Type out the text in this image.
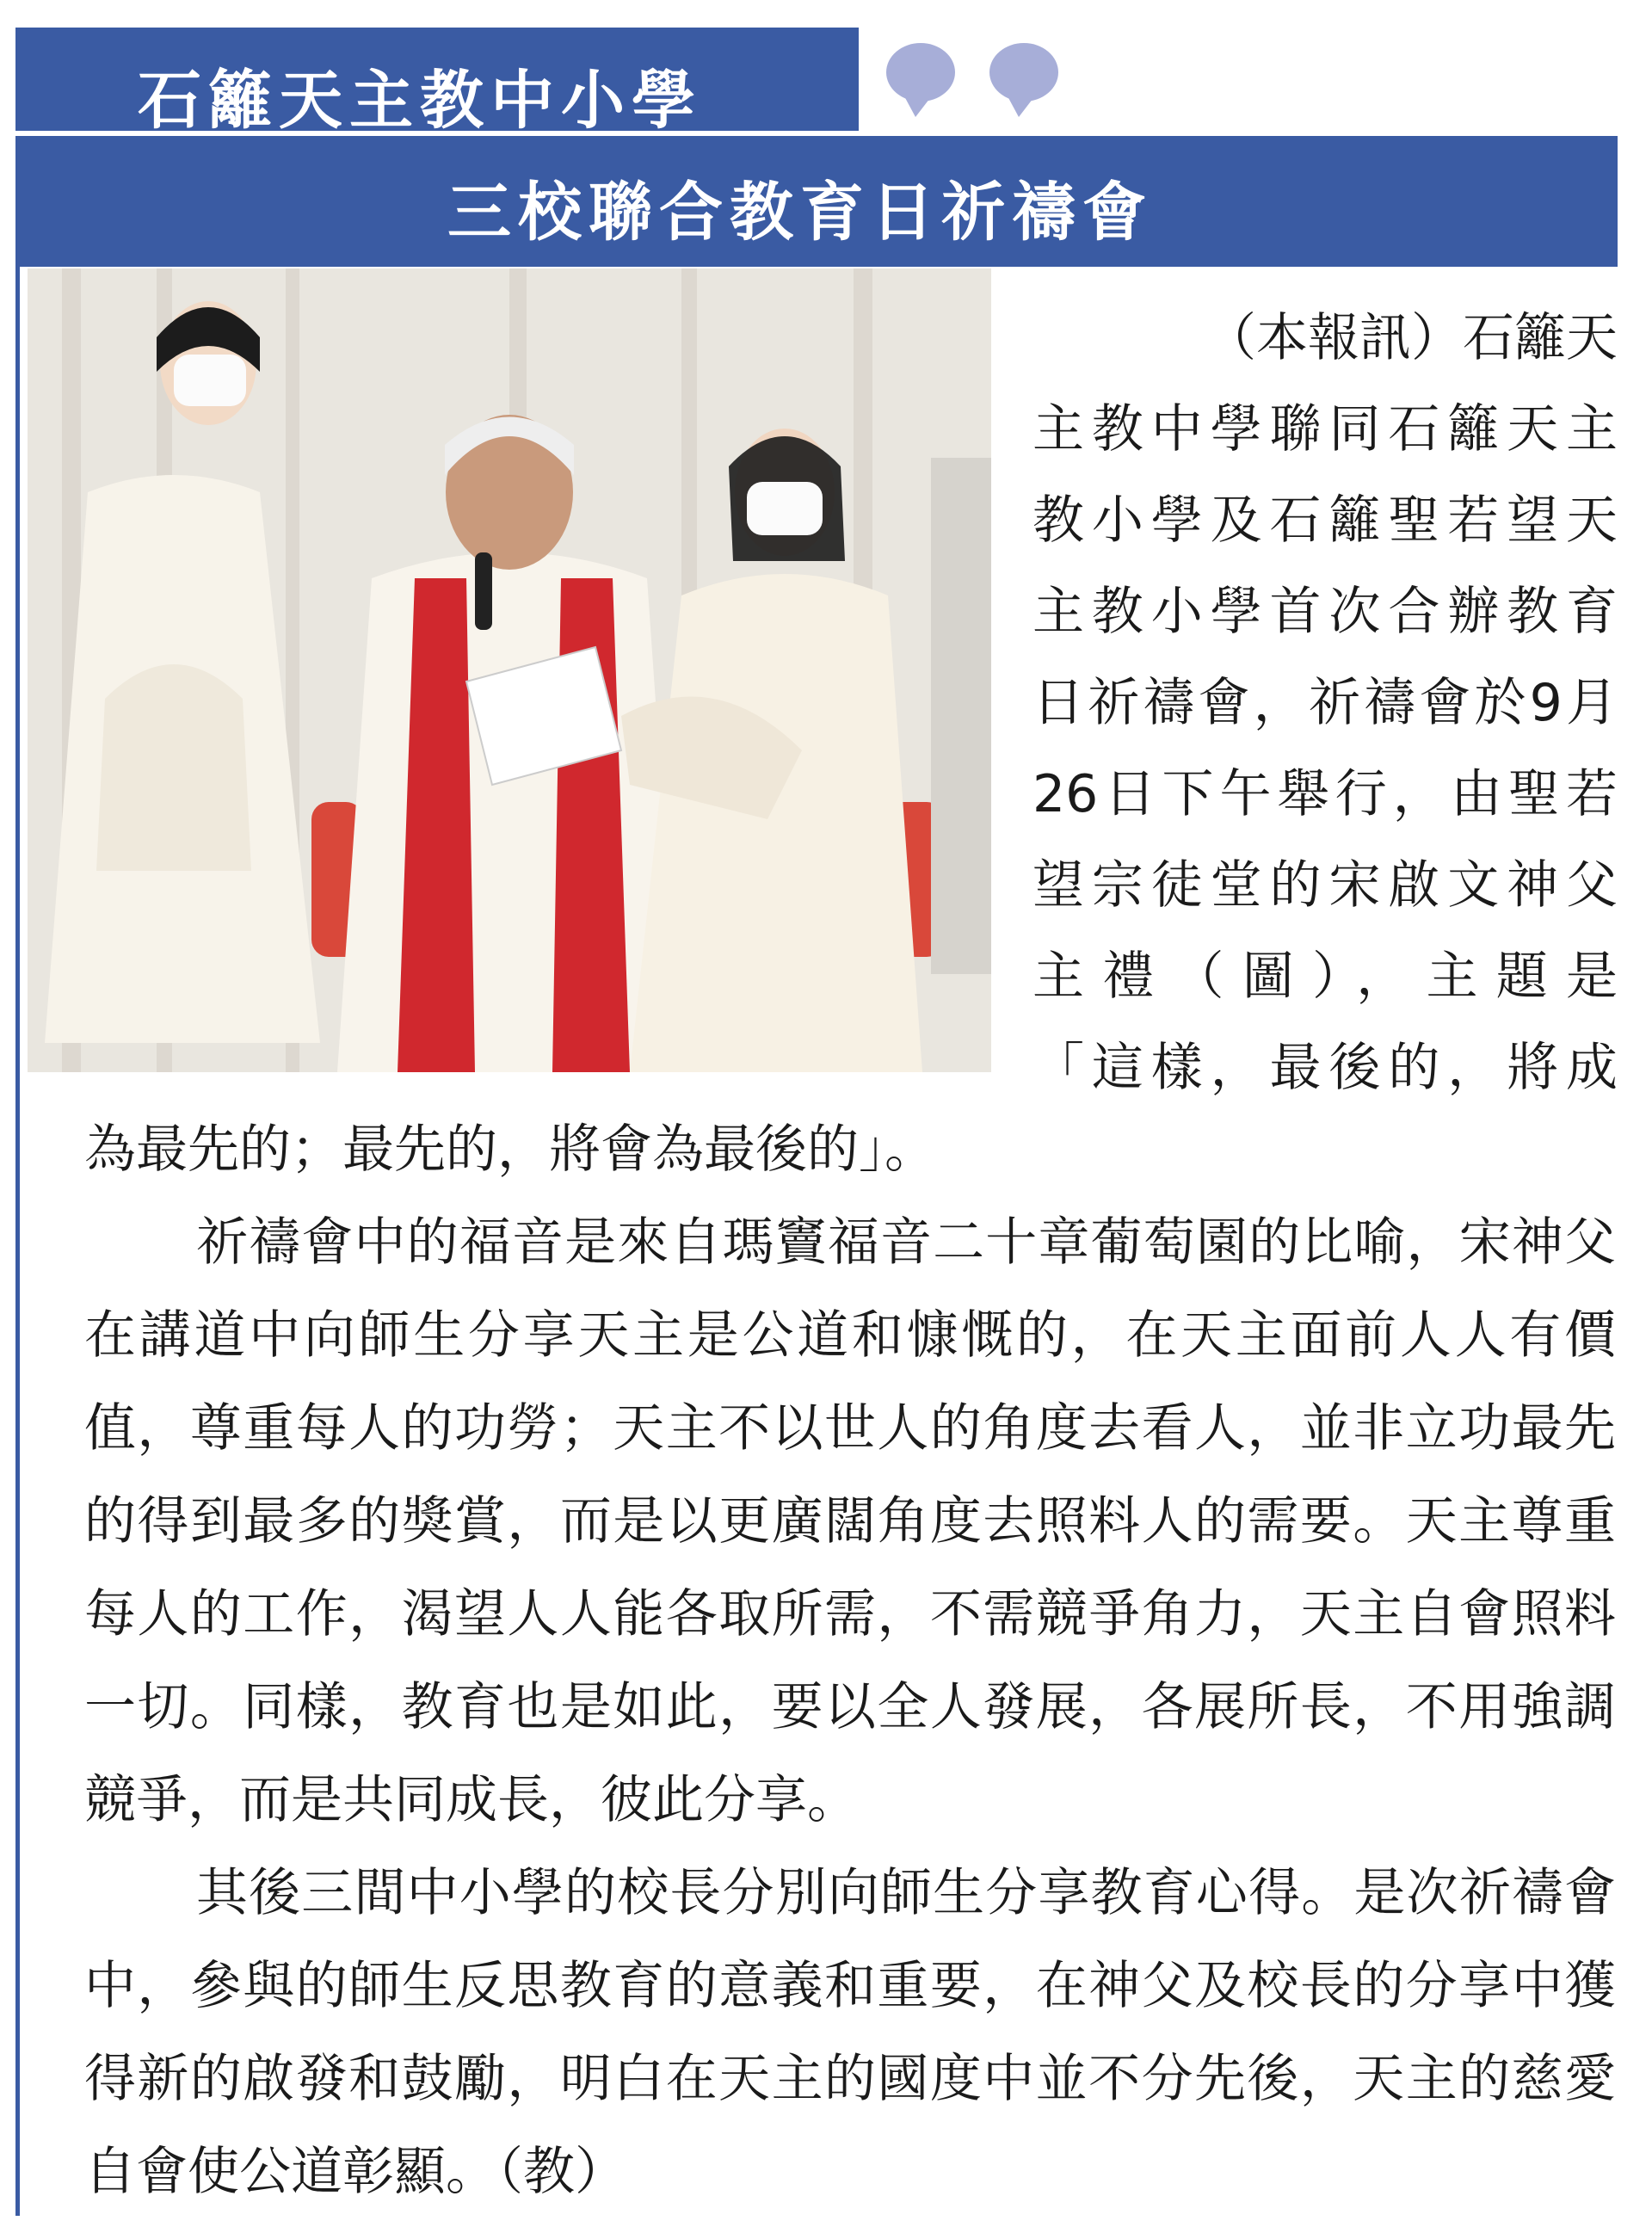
石籬天主教中小學
三校聯合教育日祈禱會

（本報訊）石籬天

主教中學聯同石籬天主

教小學及石籬聖若望天

主教小學首次合辦教育

日祈禱會，祈禱會於9月

26日下午舉行，由聖若

望宗徒堂的宋啟文神父

主禮（圖），主題是

「這樣，最後的，將成

為最先的；最先的，將會為最後的」。

祈禱會中的福音是來自瑪竇福音二十章葡萄園的比喻，宋神父在講道中向師生分享天主是公道和慷慨的，在天主面前人人有價值，尊重每人的功勞；天主不以世人的角度去看人，並非立功最先的得到最多的獎賞，而是以更廣闊角度去照料人的需要。天主尊重每人的工作，渴望人人能各取所需，不需競爭角力，天主自會照料一切。同樣，教育也是如此，要以全人發展，各展所長，不用強調競爭，而是共同成長，彼此分享。

其後三間中小學的校長分別向師生分享教育心得。是次祈禱會中，參與的師生反思教育的意義和重要，在神父及校長的分享中獲得新的啟發和鼓勵，明白在天主的國度中並不分先後，天主的慈愛自會使公道彰顯。（教）
